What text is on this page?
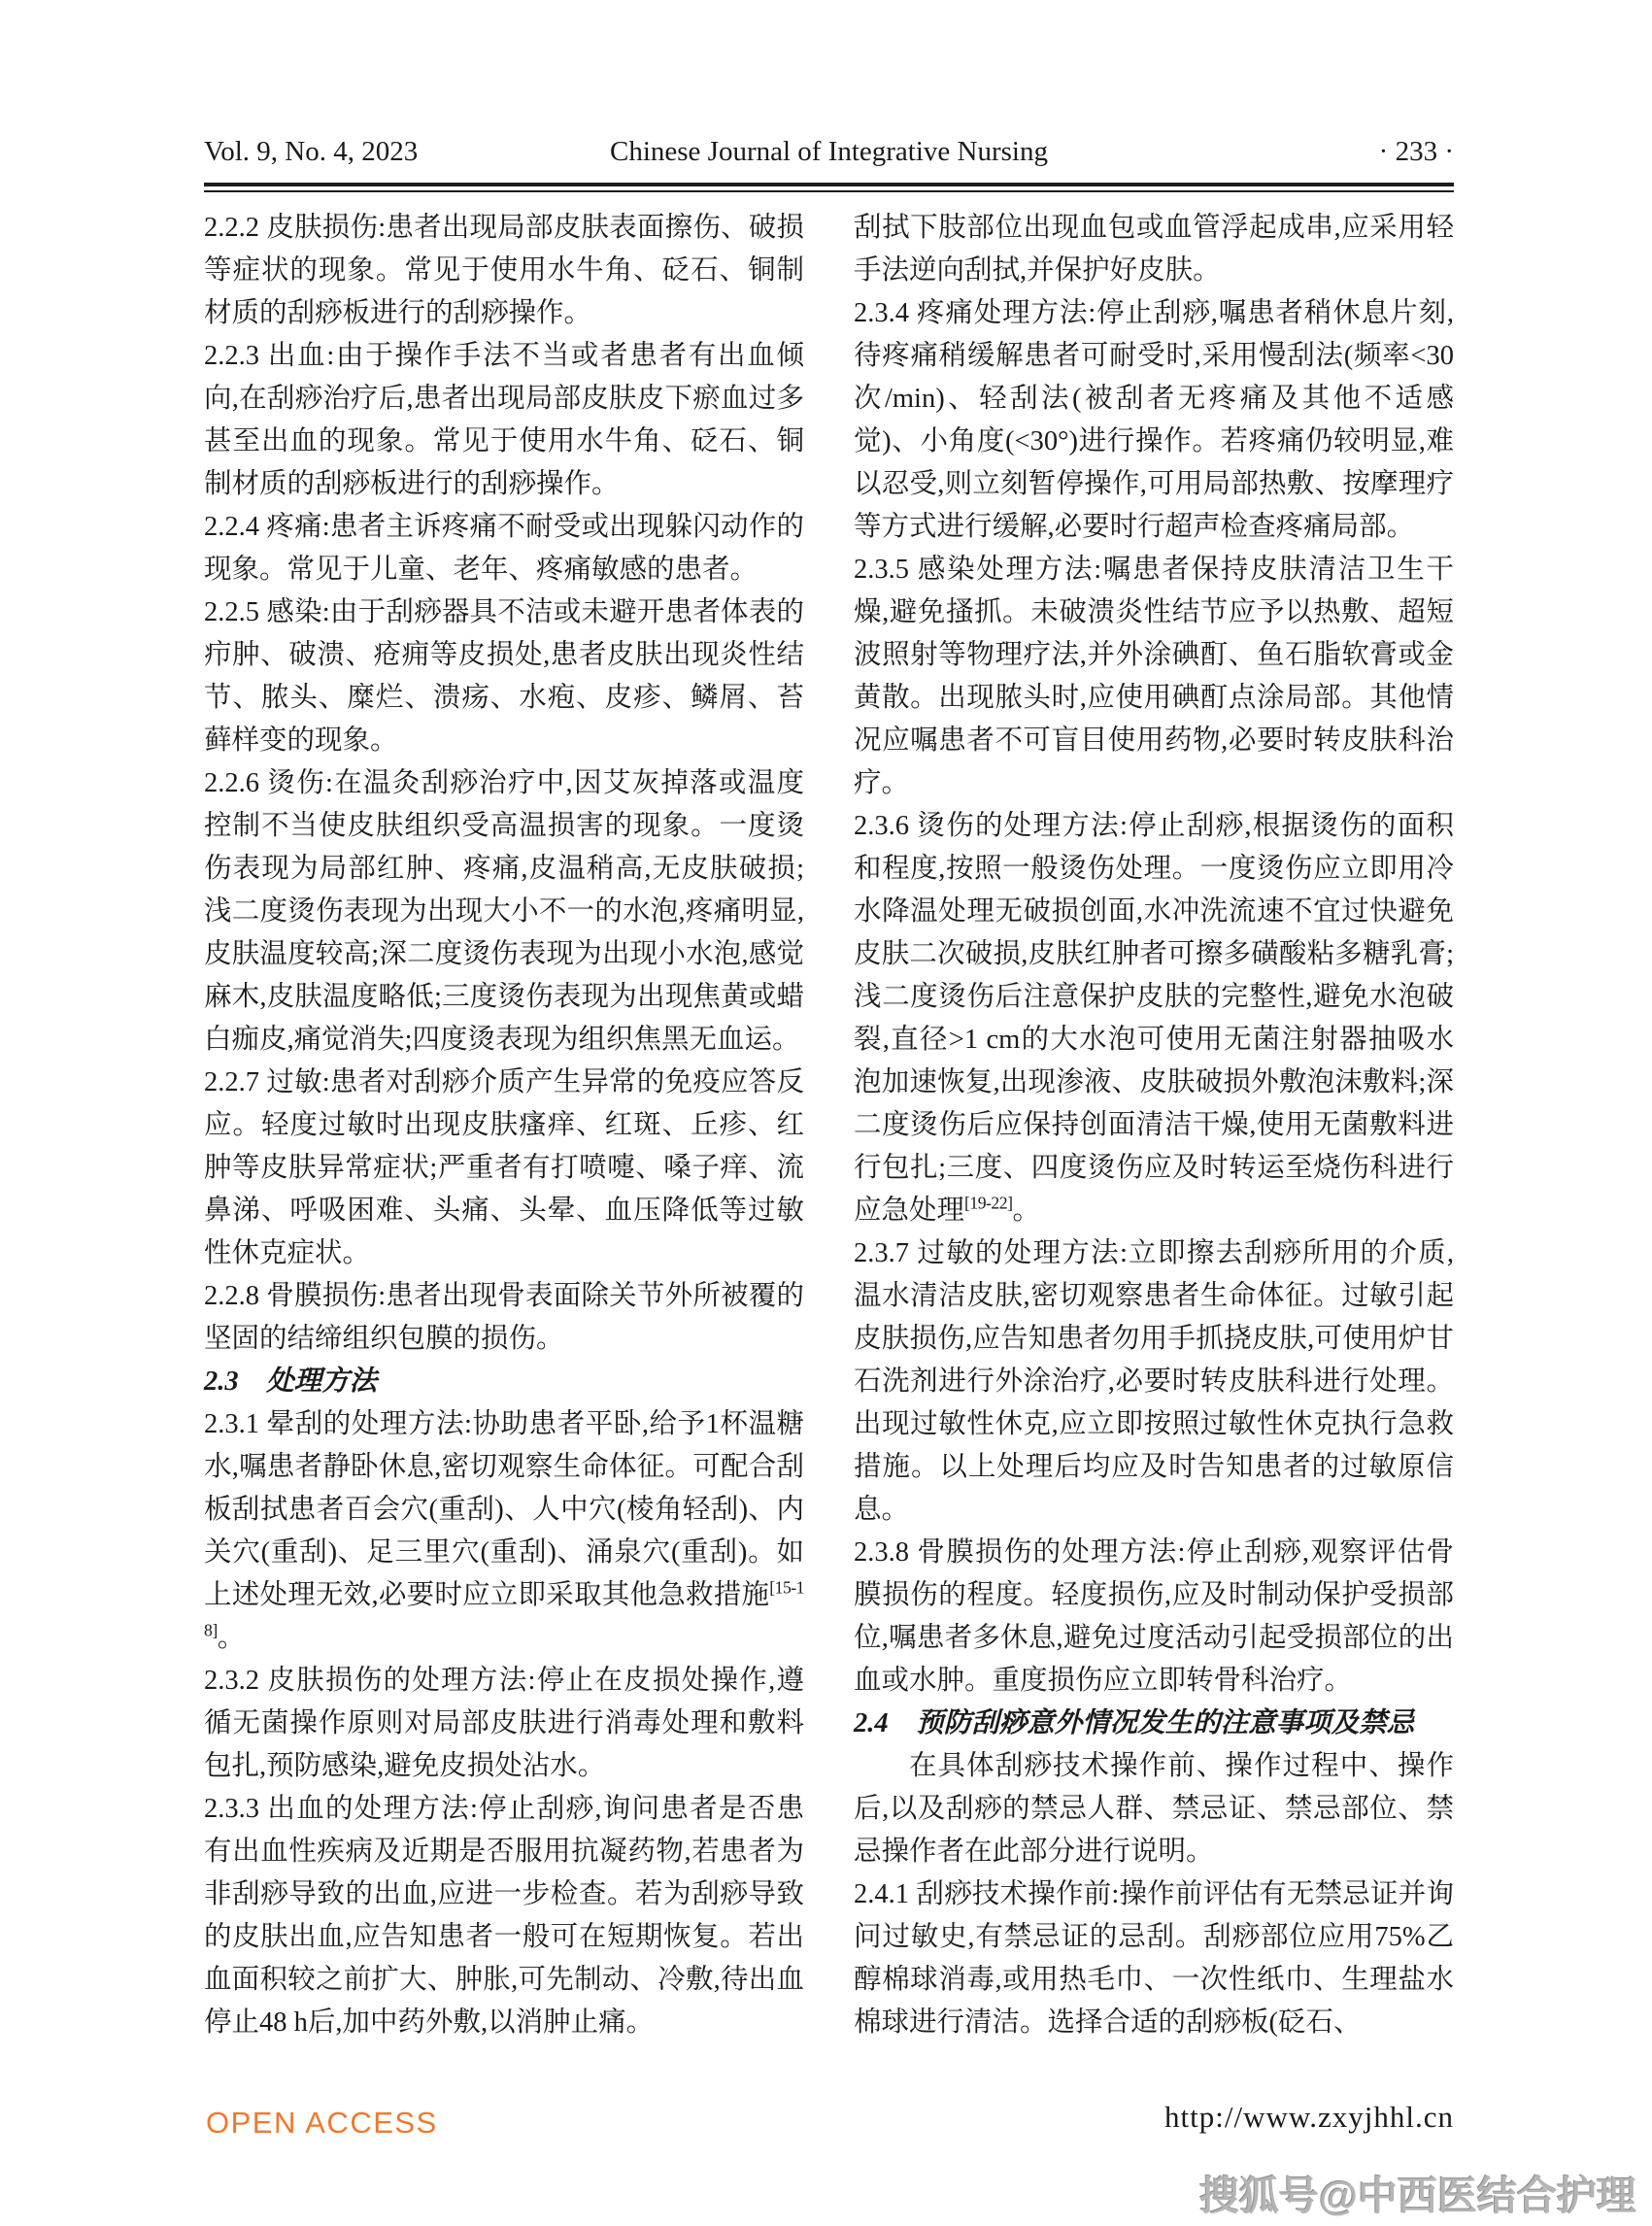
Chinese Journal of Integrative Nursing
Vol. 9, No. 4, 2023	· 233 ·

2.2.2 皮肤损伤:患者出现局部皮肤表面擦伤、破损等症状的现象。常见于使用水牛角、砭石、铜制材质的刮痧板进行的刮痧操作。

2.2.3 出血:由于操作手法不当或者患者有出血倾向,在刮痧治疗后,患者出现局部皮肤皮下瘀血过多甚至出血的现象。常见于使用水牛角、砭石、铜制材质的刮痧板进行的刮痧操作。

2.2.4 疼痛:患者主诉疼痛不耐受或出现躲闪动作的现象。常见于儿童、老年、疼痛敏感的患者。

2.2.5 感染:由于刮痧器具不洁或未避开患者体表的疖肿、破溃、疮痈等皮损处,患者皮肤出现炎性结节、脓头、糜烂、溃疡、水疱、皮疹、鳞屑、苔藓样变的现象。

2.2.6 烫伤:在温灸刮痧治疗中,因艾灰掉落或温度控制不当使皮肤组织受高温损害的现象。一度烫伤表现为局部红肿、疼痛,皮温稍高,无皮肤破损;浅二度烫伤表现为出现大小不一的水泡,疼痛明显,皮肤温度较高;深二度烫伤表现为出现小水泡,感觉麻木,皮肤温度略低;三度烫伤表现为出现焦黄或蜡白痂皮,痛觉消失;四度烫表现为组织焦黑无血运。

2.2.7 过敏:患者对刮痧介质产生异常的免疫应答反应。轻度过敏时出现皮肤瘙痒、红斑、丘疹、红肿等皮肤异常症状;严重者有打喷嚏、嗓子痒、流鼻涕、呼吸困难、头痛、头晕、血压降低等过敏性休克症状。

2.2.8 骨膜损伤:患者出现骨表面除关节外所被覆的坚固的结缔组织包膜的损伤。

2.3　处理方法

2.3.1 晕刮的处理方法:协助患者平卧,给予1杯温糖水,嘱患者静卧休息,密切观察生命体征。可配合刮板刮拭患者百会穴(重刮)、人中穴(棱角轻刮)、内关穴(重刮)、足三里穴(重刮)、涌泉穴(重刮)。如上述处理无效,必要时应立即采取其他急救措施[15-18]。

2.3.2 皮肤损伤的处理方法:停止在皮损处操作,遵循无菌操作原则对局部皮肤进行消毒处理和敷料包扎,预防感染,避免皮损处沾水。

2.3.3 出血的处理方法:停止刮痧,询问患者是否患有出血性疾病及近期是否服用抗凝药物,若患者为非刮痧导致的出血,应进一步检查。若为刮痧导致的皮肤出血,应告知患者一般可在短期恢复。若出血面积较之前扩大、肿胀,可先制动、冷敷,待出血停止48 h后,加中药外敷,以消肿止痛。

刮拭下肢部位出现血包或血管浮起成串,应采用轻手法逆向刮拭,并保护好皮肤。

2.3.4 疼痛处理方法:停止刮痧,嘱患者稍休息片刻,待疼痛稍缓解患者可耐受时,采用慢刮法(频率<30次/min)、轻刮法(被刮者无疼痛及其他不适感觉)、小角度(<30°)进行操作。若疼痛仍较明显,难以忍受,则立刻暂停操作,可用局部热敷、按摩理疗等方式进行缓解,必要时行超声检查疼痛局部。

2.3.5 感染处理方法:嘱患者保持皮肤清洁卫生干燥,避免搔抓。未破溃炎性结节应予以热敷、超短波照射等物理疗法,并外涂碘酊、鱼石脂软膏或金黄散。出现脓头时,应使用碘酊点涂局部。其他情况应嘱患者不可盲目使用药物,必要时转皮肤科治疗。

2.3.6 烫伤的处理方法:停止刮痧,根据烫伤的面积和程度,按照一般烫伤处理。一度烫伤应立即用冷水降温处理无破损创面,水冲洗流速不宜过快避免皮肤二次破损,皮肤红肿者可擦多磺酸粘多糖乳膏;浅二度烫伤后注意保护皮肤的完整性,避免水泡破裂,直径>1 cm的大水泡可使用无菌注射器抽吸水泡加速恢复,出现渗液、皮肤破损外敷泡沫敷料;深二度烫伤后应保持创面清洁干燥,使用无菌敷料进行包扎;三度、四度烫伤应及时转运至烧伤科进行应急处理[19-22]。

2.3.7 过敏的处理方法:立即擦去刮痧所用的介质,温水清洁皮肤,密切观察患者生命体征。过敏引起皮肤损伤,应告知患者勿用手抓挠皮肤,可使用炉甘石洗剂进行外涂治疗,必要时转皮肤科进行处理。出现过敏性休克,应立即按照过敏性休克执行急救措施。以上处理后均应及时告知患者的过敏原信息。

2.3.8 骨膜损伤的处理方法:停止刮痧,观察评估骨膜损伤的程度。轻度损伤,应及时制动保护受损部位,嘱患者多休息,避免过度活动引起受损部位的出血或水肿。重度损伤应立即转骨科治疗。

2.4　预防刮痧意外情况发生的注意事项及禁忌

在具体刮痧技术操作前、操作过程中、操作后,以及刮痧的禁忌人群、禁忌证、禁忌部位、禁忌操作者在此部分进行说明。

2.4.1 刮痧技术操作前:操作前评估有无禁忌证并询问过敏史,有禁忌证的忌刮。刮痧部位应用75%乙醇棉球消毒,或用热毛巾、一次性纸巾、生理盐水棉球进行清洁。选择合适的刮痧板(砭石、

OPEN ACCESS	http://www.zxyjhhl.cn
搜狐号@中西医结合护理
